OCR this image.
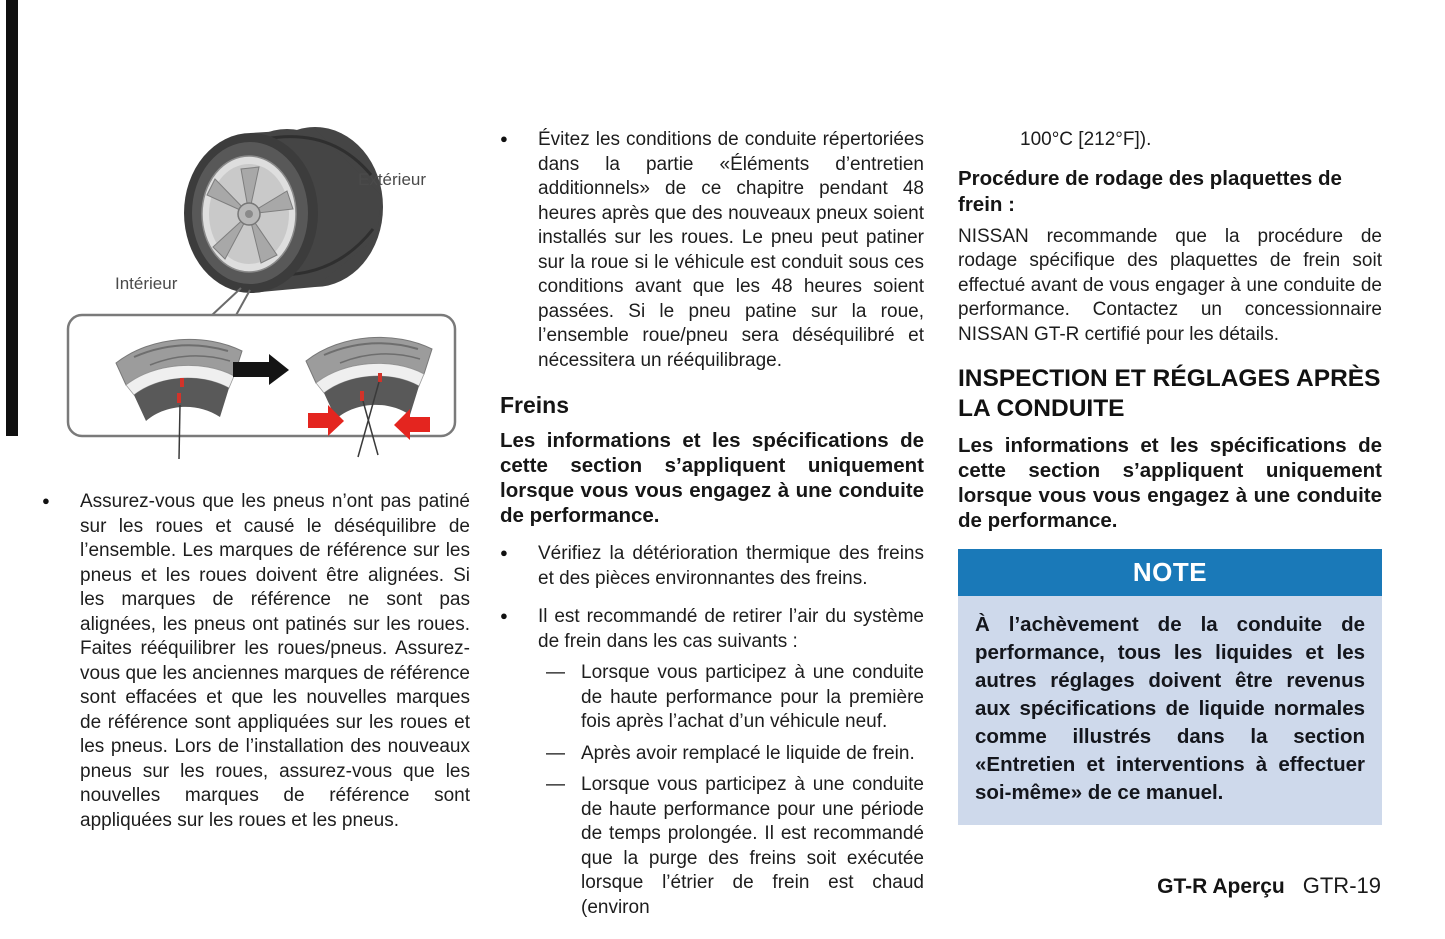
Extérieur
Intérieur
●	Assurez-vous que les pneus n’ont pas patiné sur les roues et causé le déséquilibre de l’ensemble. Les marques de référence sur les pneus et les roues doivent être alignées. Si les marques de référence ne sont pas alignées, les pneus ont patinés sur les roues. Faites rééquilibrer les roues/pneus. Assurez-vous que les anciennes marques de référence sont effacées et que les nouvelles marques de référence sont appliquées sur les roues et les pneus. Lors de l’installation des nouveaux pneus sur les roues, assurez-vous que les nouvelles marques de référence sont appliquées sur les roues et les pneus.
●	Évitez les conditions de conduite répertoriées dans la partie «Éléments d’entretien additionnels» de ce chapitre pendant 48 heures après que des nouveaux pneux soient installés sur les roues. Le pneu peut patiner sur la roue si le véhicule est conduit sous ces conditions avant que les 48 heures soient passées. Si le pneu patine sur la roue, l’ensemble roue/pneu sera déséquilibré et nécessitera un rééquilibrage.
Freins
Les informations et les spécifications de cette section s’appliquent uniquement lorsque vous vous engagez à une conduite de performance.
●	Vérifiez la détérioration thermique des freins et des pièces environnantes des freins.
●	Il est recommandé de retirer l’air du système de frein dans les cas suivants :
— Lorsque vous participez à une conduite de haute performance pour la première fois après l’achat d’un véhicule neuf.
— Après avoir remplacé le liquide de frein.
— Lorsque vous participez à une conduite de haute performance pour une période de temps prolongée. Il est recommandé que la purge des freins soit exécutée lorsque l’étrier de frein est chaud (environ
100°C [212°F]).
Procédure de rodage des plaquettes de frein :
NISSAN recommande que la procédure de rodage spécifique des plaquettes de frein soit effectué avant de vous engager à une conduite de performance. Contactez un concessionnaire NISSAN GT-R certifié pour les détails.
INSPECTION ET RÉGLAGES APRÈS LA CONDUITE
Les informations et les spécifications de cette section s’appliquent uniquement lorsque vous vous engagez à une conduite de performance.
NOTE
À l’achèvement de la conduite de performance, tous les liquides et les autres réglages doivent être revenus aux spécifications de liquide normales comme illustrés dans la section «Entretien et interventions à effectuer soi-même» de ce manuel.
GT-R Aperçu GTR-19
